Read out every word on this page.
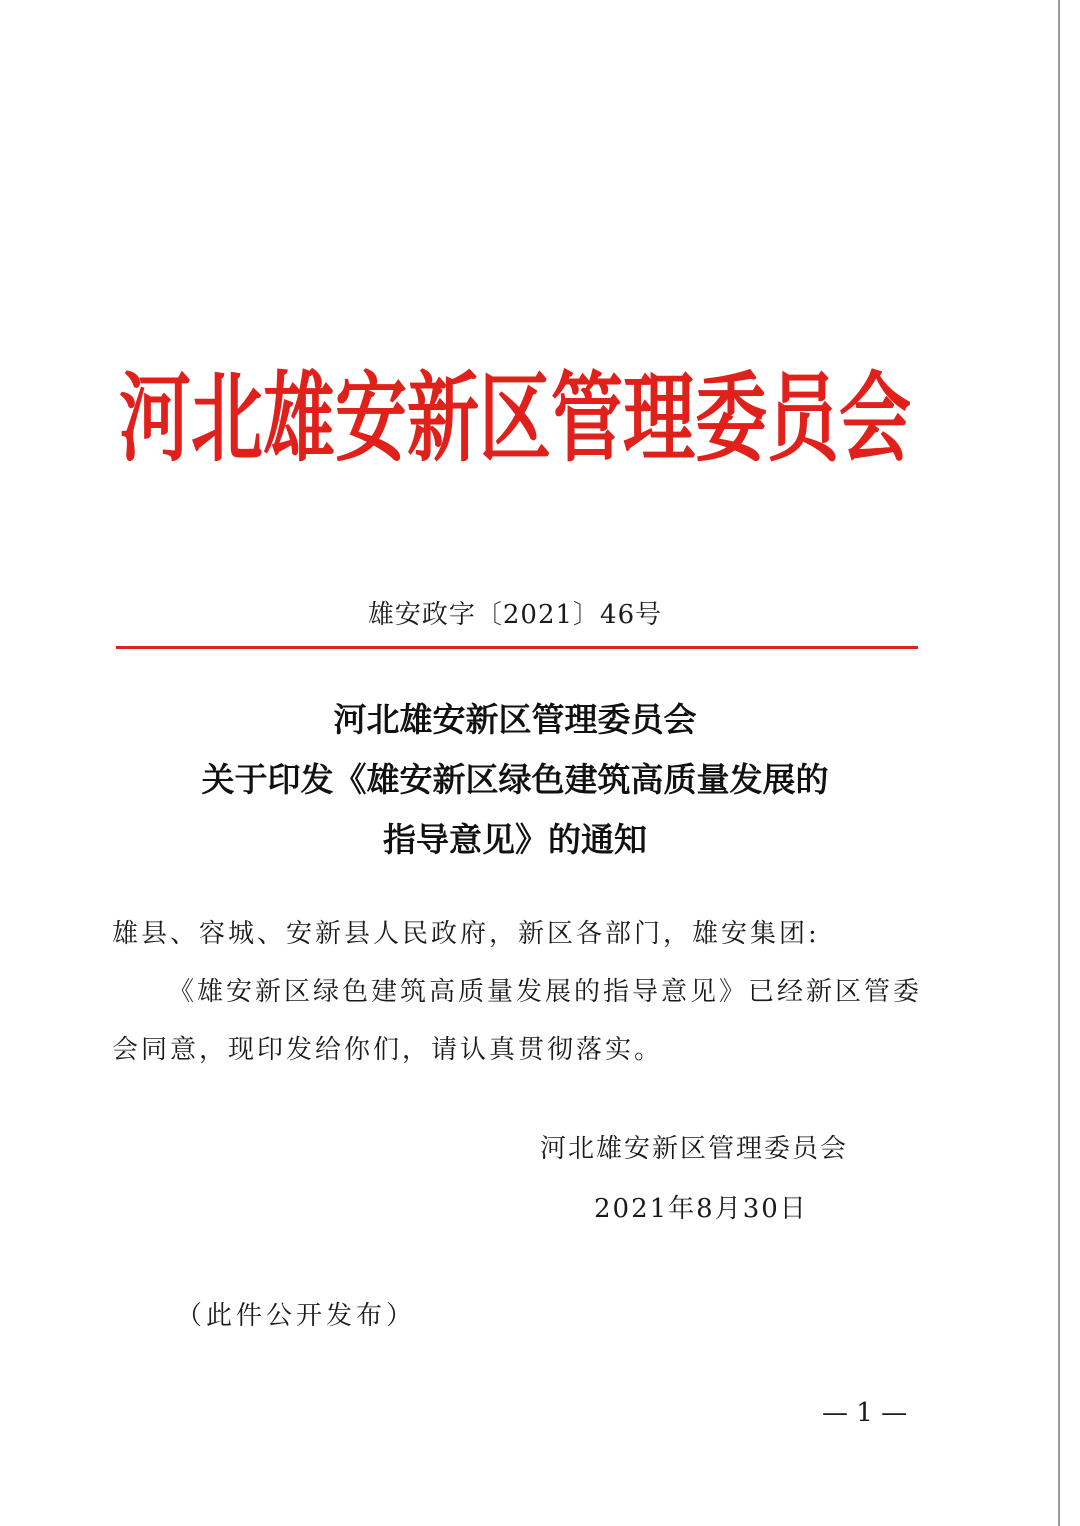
河北雄安新区管理委员会
雄安政字〔2021〕46号
河北雄安新区管理委员会
关于印发《雄安新区绿色建筑高质量发展的
指导意见》的通知
雄县、容城、安新县人民政府，新区各部门，雄安集团:
《雄安新区绿色建筑高质量发展的指导意见》已经新区管委
会同意，现印发给你们，请认真贯彻落实。
河北雄安新区管理委员会
2021年8月30日
（此件公开发布）
— 1 —
